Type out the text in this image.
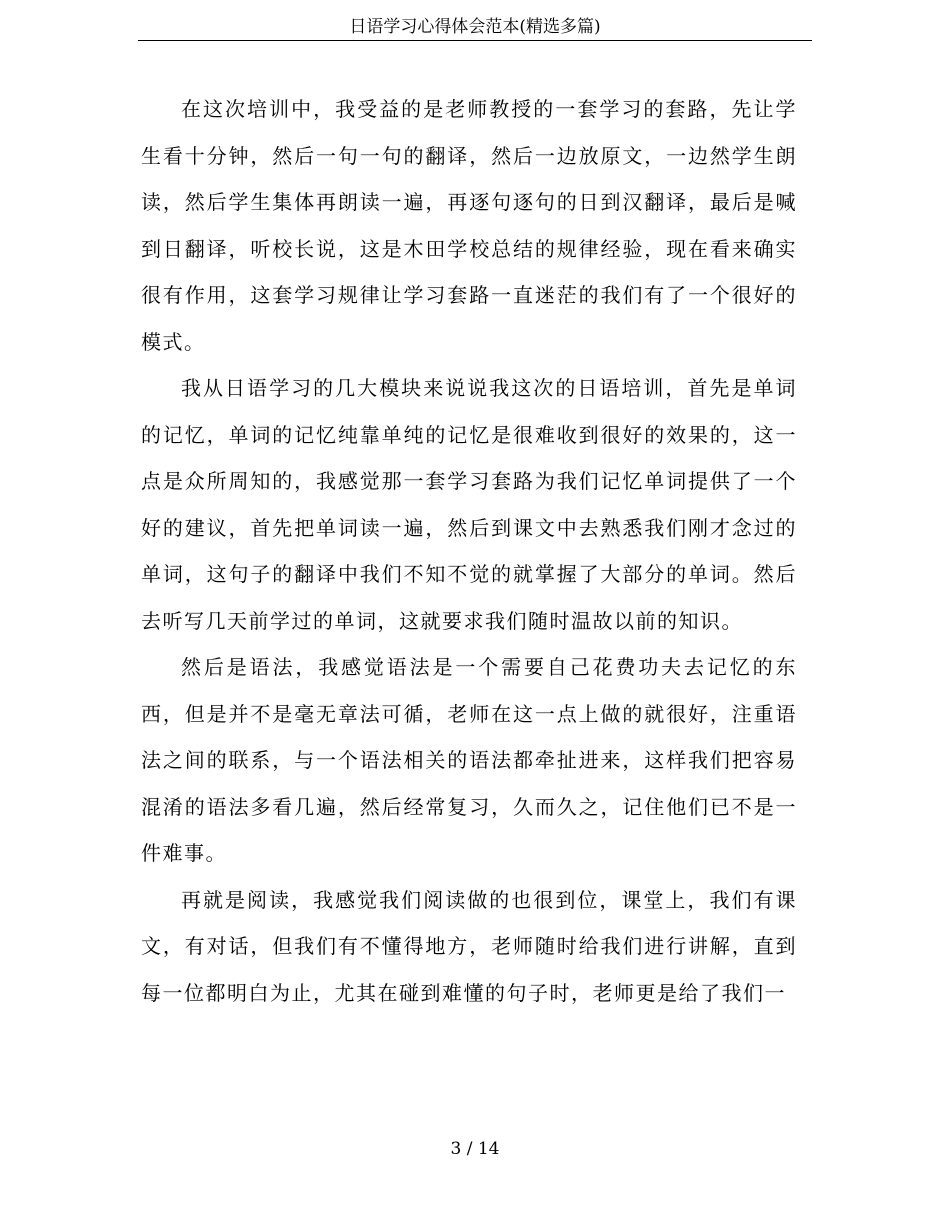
日语学习心得体会范本(精选多篇)

在这次培训中，我受益的是老师教授的一套学习的套路，先让学生看十分钟，然后一句一句的翻译，然后一边放原文，一边然学生朗读，然后学生集体再朗读一遍，再逐句逐句的日到汉翻译，最后是喊到日翻译，听校长说，这是木田学校总结的规律经验，现在看来确实很有作用，这套学习规律让学习套路一直迷茫的我们有了一个很好的模式。

我从日语学习的几大模块来说说我这次的日语培训，首先是单词的记忆，单词的记忆纯靠单纯的记忆是很难收到很好的效果的，这一点是众所周知的，我感觉那一套学习套路为我们记忆单词提供了一个好的建议，首先把单词读一遍，然后到课文中去熟悉我们刚才念过的单词，这句子的翻译中我们不知不觉的就掌握了大部分的单词。然后去听写几天前学过的单词，这就要求我们随时温故以前的知识。

然后是语法，我感觉语法是一个需要自己花费功夫去记忆的东西，但是并不是毫无章法可循，老师在这一点上做的就很好，注重语法之间的联系，与一个语法相关的语法都牵扯进来，这样我们把容易混淆的语法多看几遍，然后经常复习，久而久之，记住他们已不是一件难事。

再就是阅读，我感觉我们阅读做的也很到位，课堂上，我们有课文，有对话，但我们有不懂得地方，老师随时给我们进行讲解，直到每一位都明白为止，尤其在碰到难懂的句子时，老师更是给了我们一

3 / 14
